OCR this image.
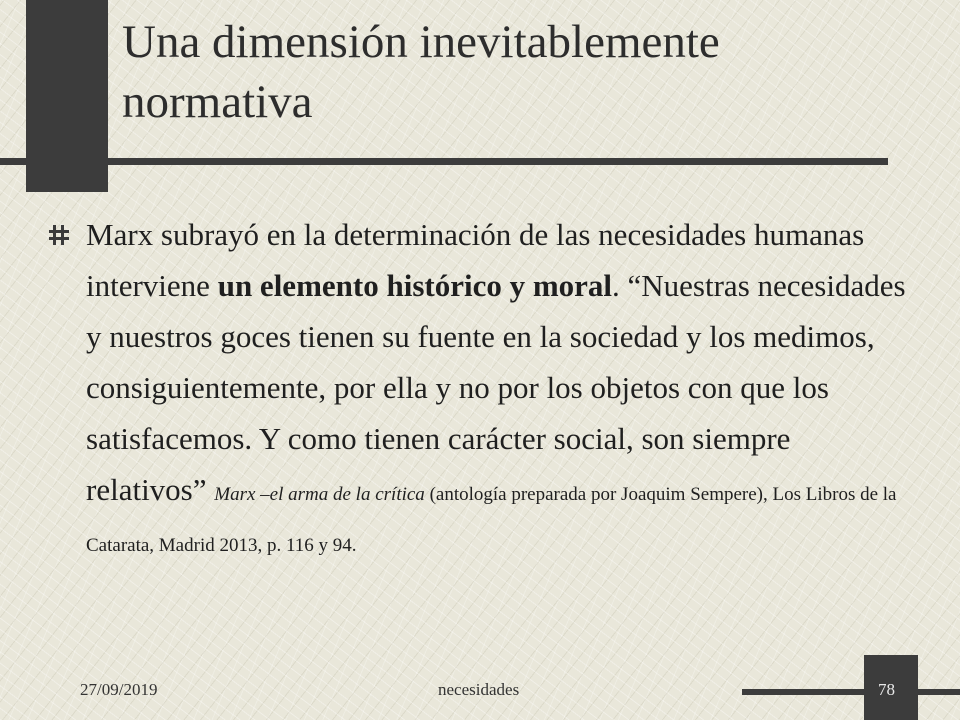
Una dimensión inevitablemente normativa

Marx subrayó en la determinación de las necesidades humanas interviene un elemento histórico y moral. “Nuestras necesidades y nuestros goces tienen su fuente en la sociedad y los medimos, consiguientemente, por ella y no por los objetos con que los satisfacemos. Y como tienen carácter social, son siempre relativos” Marx –el arma de la crítica (antología preparada por Joaquim Sempere), Los Libros de la Catarata, Madrid 2013, p. 116 y 94.

27/09/2019	necesidades	78
